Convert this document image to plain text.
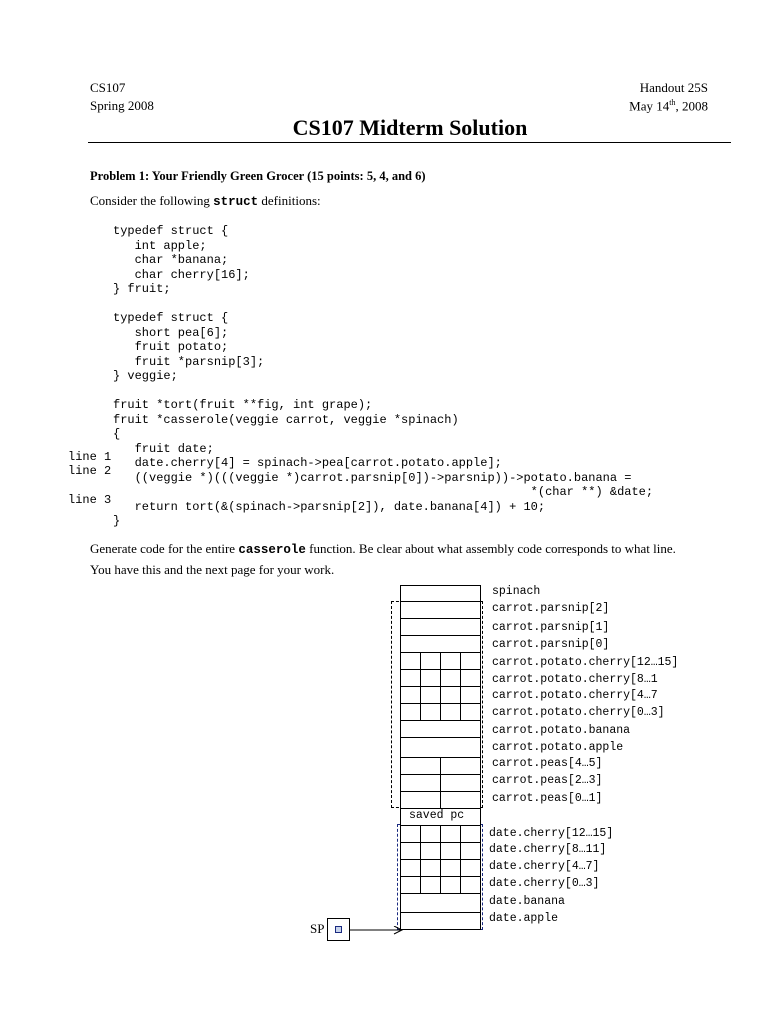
CS107
Spring 2008
Handout 25S
May 14th, 2008
CS107 Midterm Solution
Problem 1: Your Friendly Green Grocer (15 points: 5, 4, and 6)
Consider the following struct definitions:
typedef struct {
int apple;
char *banana;
char cherry[16];
} fruit;

typedef struct {
short pea[6];
fruit potato;
fruit *parsnip[3];
} veggie;

fruit *tort(fruit **fig, int grape);
fruit *casserole(veggie carrot, veggie *spinach)
{
fruit date;
date.cherry[4] = spinach->pea[carrot.potato.apple];
((veggie *)(((veggie *)carrot.parsnip[0])->parsnip))->potato.banana =
*(char **) &date;
return tort(&(spinach->parsnip[2]), date.banana[4]) + 10;
}
line 1
line 2
line 3
Generate code for the entire casserole function. Be clear about what assembly code corresponds to what line.
You have this and the next page for your work.
saved pc
spinach
carrot.parsnip[2]
carrot.parsnip[1]
carrot.parsnip[0]
carrot.potato.cherry[12…15]
carrot.potato.cherry[8…1
carrot.potato.cherry[4…7
carrot.potato.cherry[0…3]
carrot.potato.banana
carrot.potato.apple
carrot.peas[4…5]
carrot.peas[2…3]
carrot.peas[0…1]
date.cherry[12…15]
date.cherry[8…11]
date.cherry[4…7]
date.cherry[0…3]
date.banana
date.apple
SP
